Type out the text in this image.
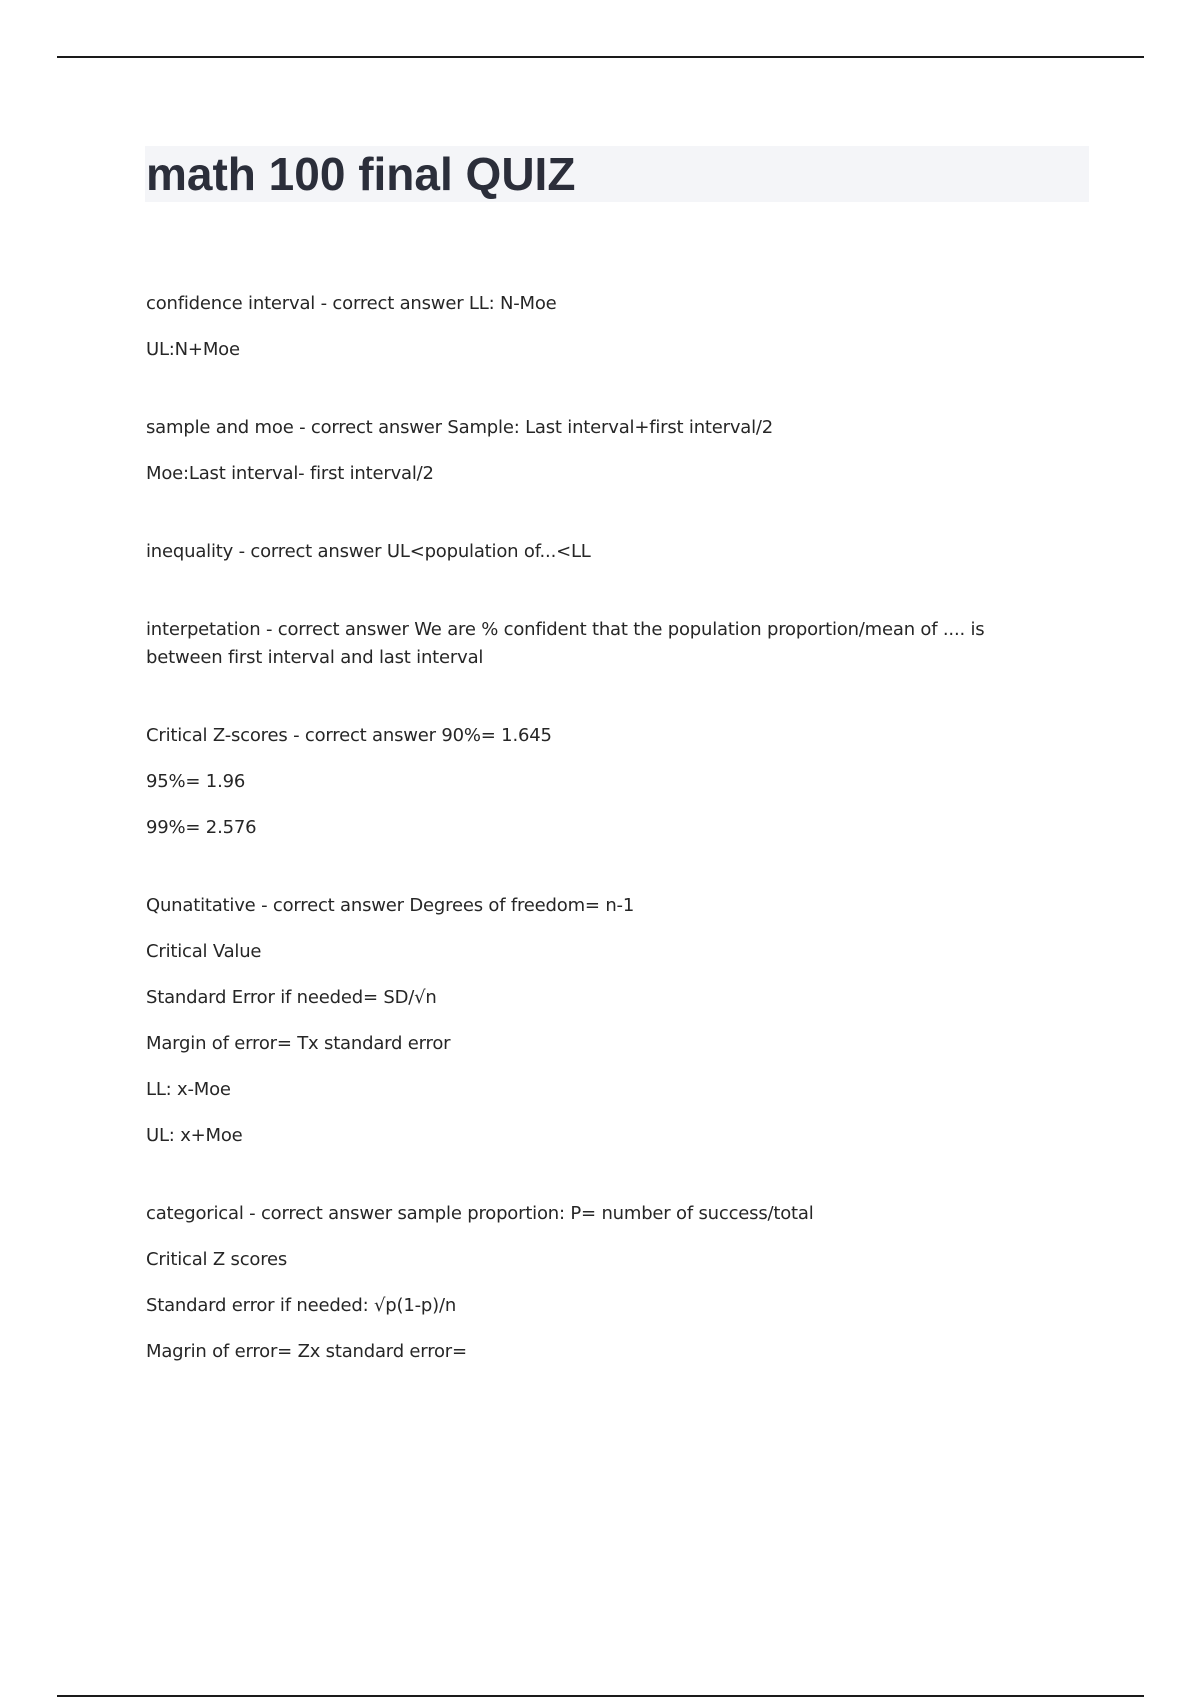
math 100 final QUIZ
confidence interval - correct answer LL: N-Moe
UL:N+Moe
sample and moe - correct answer Sample: Last interval+first interval/2
Moe:Last interval- first interval/2
inequality - correct answer UL<population of...<LL
interpetation - correct answer We are % confident that the population proportion/mean of .... is between first interval and last interval
Critical Z-scores - correct answer 90%= 1.645
95%= 1.96
99%= 2.576
Qunatitative - correct answer Degrees of freedom= n-1
Critical Value
Standard Error if needed= SD/√n
Margin of error= Tx standard error
LL: x-Moe
UL: x+Moe
categorical - correct answer sample proportion: P= number of success/total
Critical Z scores
Standard error if needed: √p(1-p)/n
Magrin of error= Zx standard error=
